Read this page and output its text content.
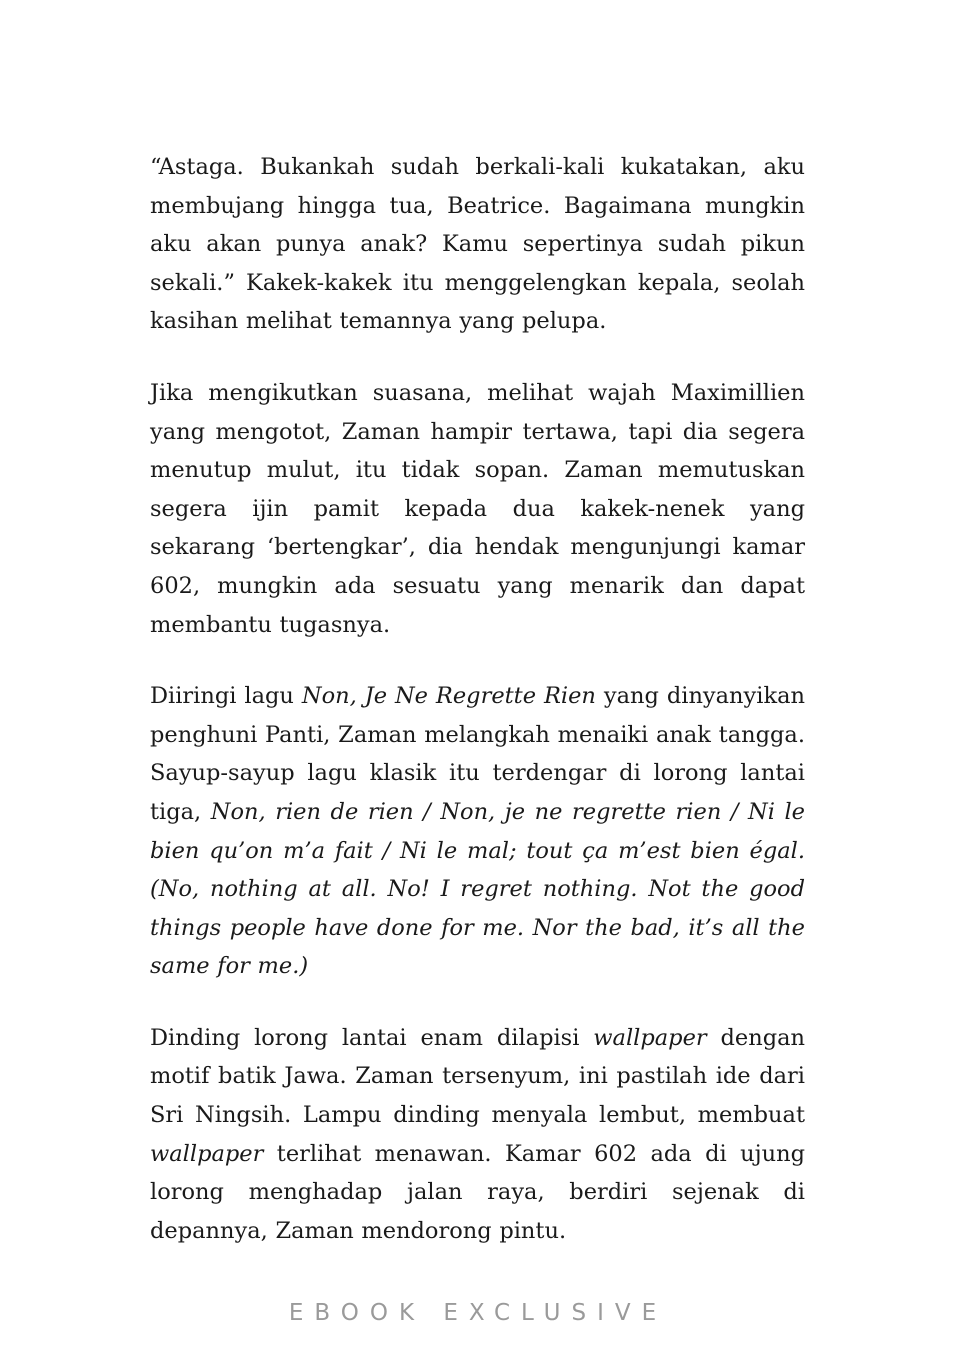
“Astaga. Bukankah sudah berkali-kali kukatakan, aku membujang hingga tua, Beatrice. Bagaimana mungkin aku akan punya anak? Kamu sepertinya sudah pikun sekali.” Kakek-kakek itu menggelengkan kepala, seolah kasihan melihat temannya yang pelupa.

Jika mengikutkan suasana, melihat wajah Maximillien yang mengotot, Zaman hampir tertawa, tapi dia segera menutup mulut, itu tidak sopan. Zaman memutuskan segera ijin pamit kepada dua kakek-nenek yang sekarang ‘bertengkar’, dia hendak mengunjungi kamar 602, mungkin ada sesuatu yang menarik dan dapat membantu tugasnya.

Diiringi lagu Non, Je Ne Regrette Rien yang dinyanyikan penghuni Panti, Zaman melangkah menaiki anak tangga. Sayup-sayup lagu klasik itu terdengar di lorong lantai tiga, Non, rien de rien / Non, je ne regrette rien / Ni le bien qu’on m’a fait / Ni le mal; tout ça m’est bien égal. (No, nothing at all. No! I regret nothing. Not the good things people have done for me. Nor the bad, it’s all the same for me.)

Dinding lorong lantai enam dilapisi wallpaper dengan motif batik Jawa. Zaman tersenyum, ini pastilah ide dari Sri Ningsih. Lampu dinding menyala lembut, membuat wallpaper terlihat menawan. Kamar 602 ada di ujung lorong menghadap jalan raya, berdiri sejenak di depannya, Zaman mendorong pintu.

EBOOK EXCLUSIVE
